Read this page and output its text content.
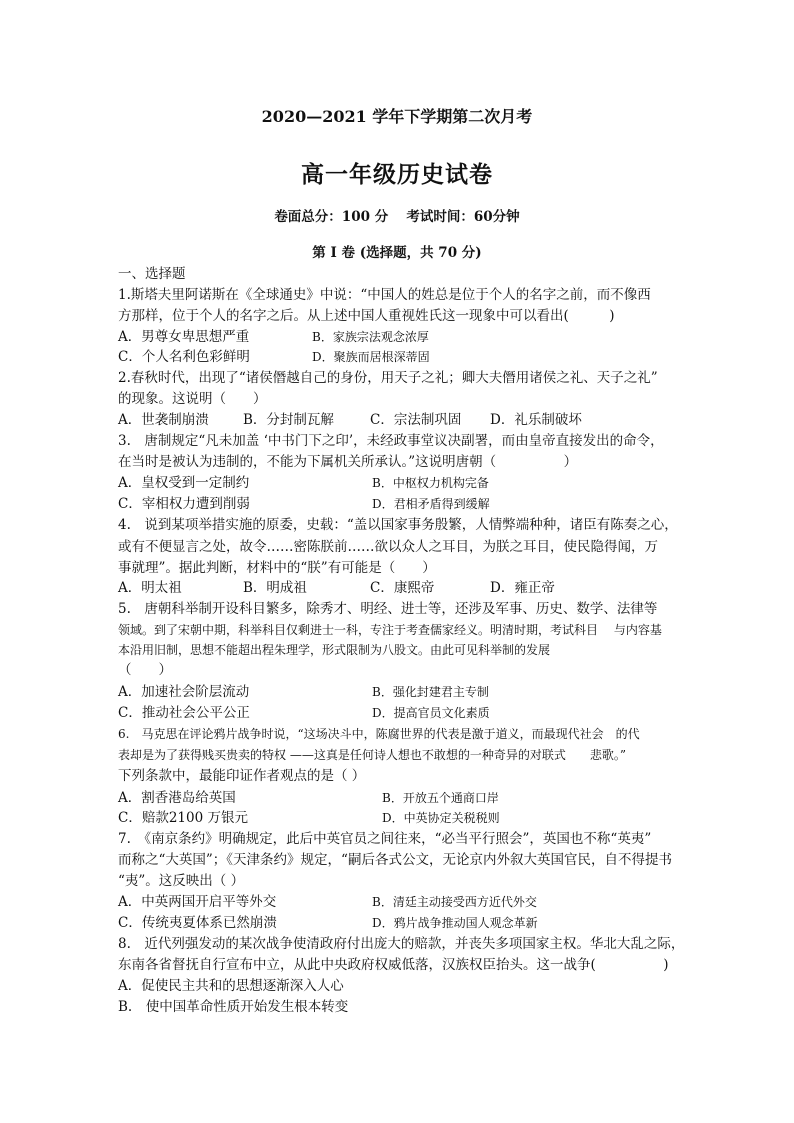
2020—2021 学年下学期第二次月考
高一年级历史试卷
卷面总分：100 分　 考试时间：60分钟
第 Ⅰ 卷 (选择题，共 70 分)
一、选择题
1.斯塔夫里阿诺斯在《全球通史》中说：“中国人的姓总是位于个人的名字之前，而不像西
方那样，位于个人的名字之后。从上述中国人重视姓氏这一现象中可以看出(　　　)
A．男尊女卑思想严重	B．家族宗法观念浓厚
C．个人名利色彩鲜明	D．聚族而居根深蒂固
2.春秋时代，出现了“诸侯僭越自己的身份，用天子之礼；卿大夫僭用诸侯之礼、天子之礼”
的现象。这说明（　　）
A．世袭制崩溃	B．分封制瓦解	C．宗法制巩固 D．礼乐制破坏
3.　唐制规定“凡未加盖 ‘中书门下之印’，未经政事堂议决副署，而由皇帝直接发出的命令，
在当时是被认为违制的，不能为下属机关所承认。”这说明唐朝（　　　　　）
A．皇权受到一定制约	B．中枢权力机构完备
C．宰相权力遭到削弱	D．君相矛盾得到缓解
4.　说到某项举措实施的原委，史载：“盖以国家事务殷繁，人情弊端种种，诸臣有陈奏之心，
或有不便显言之处，故令……密陈朕前……欲以众人之耳目，为朕之耳目，使民隐得闻，万
事就理”。据此判断，材料中的“朕”有可能是（　　）
A．明太祖	B．明成祖	C．康熙帝	D．雍正帝
5.　唐朝科举制开设科目繁多，除秀才、明经、进士等，还涉及军事、历史、数学、法律等
领域。到了宋朝中期，科举科目仅剩进士一科，专注于考查儒家经义。明清时期，考试科目　 与内容基
本沿用旧制，思想不能超出程朱理学，形式限制为八股文。由此可见科举制的发展
（　　）
A．加速社会阶层流动	B．强化封建君主专制
C．推动社会公平公正	D．提高官员文化素质
6.　马克思在评论鸦片战争时说，“这场决斗中，陈腐世界的代表是激于道义，而最现代社会　的代
表却是为了获得贱买贵卖的特权 ——这真是任何诗人想也不敢想的一种奇异的对联式　　悲歌。”
下列条款中，最能印证作者观点的是（ ）
A．割香港岛给英国	B．开放五个通商口岸
C．赔款2100 万银元	D．中英协定关税税则
7.　《南京条约》明确规定，此后中英官员之间往来，“必当平行照会”，英国也不称“英夷”
而称之“大英国”；《天津条约》规定，“嗣后各式公文，无论京内外叙大英国官民，自不得提书
“夷”。这反映出（ ）
A．中英两国开启平等外交	B．清廷主动接受西方近代外交
C．传统夷夏体系已然崩溃	D．鸦片战争推动国人观念革新
8.　近代列强发动的某次战争使清政府付出庞大的赔款，并丧失多项国家主权。华北大乱之际，
东南各省督抚自行宣布中立，从此中央政府权威低落，汉族权臣抬头。这一战争(　　　　　)
A．促使民主共和的思想逐渐深入人心
B.　使中国革命性质开始发生根本转变
